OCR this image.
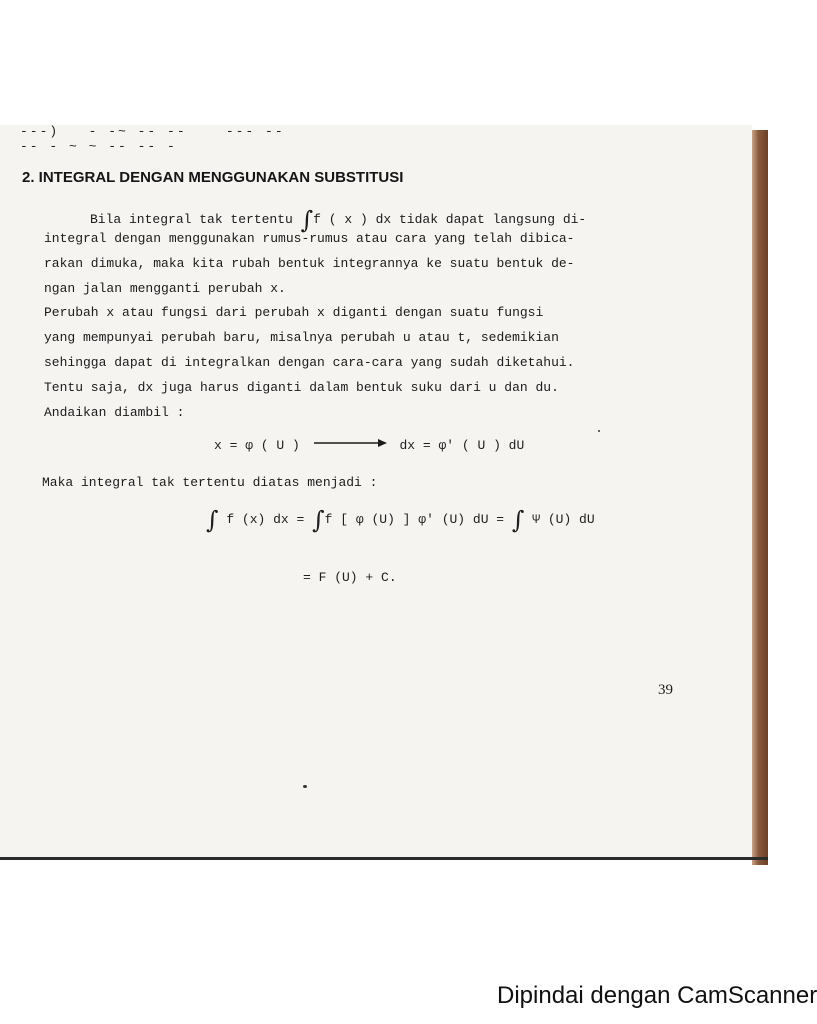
---)   - -~ -- --    --- -- -- - ~ ~ -- -- -
2. INTEGRAL DENGAN MENGGUNAKAN SUBSTITUSI
Bila integral tak tertentu ∫f ( x ) dx tidak dapat langsung di-
integral dengan menggunakan rumus-rumus atau cara yang telah dibica-
rakan dimuka, maka kita rubah bentuk integrannya ke suatu bentuk de-
ngan jalan mengganti perubah x.
Perubah x atau fungsi dari perubah x diganti dengan suatu fungsi
yang mempunyai perubah baru, misalnya perubah u atau t, sedemikian
sehingga dapat di integralkan dengan cara-cara yang sudah diketahui.
Tentu saja, dx juga harus diganti dalam bentuk suku dari u dan du.
Andaikan diambil :
x = φ ( U )	dx = φ' ( U ) dU
Maka integral tak tertentu diatas menjadi :
∫ f (x) dx = ∫f [ φ (U) ] φ' (U) dU = ∫ Ψ (U) dU
= F (U) + C.
39
Dipindai dengan CamScanner
